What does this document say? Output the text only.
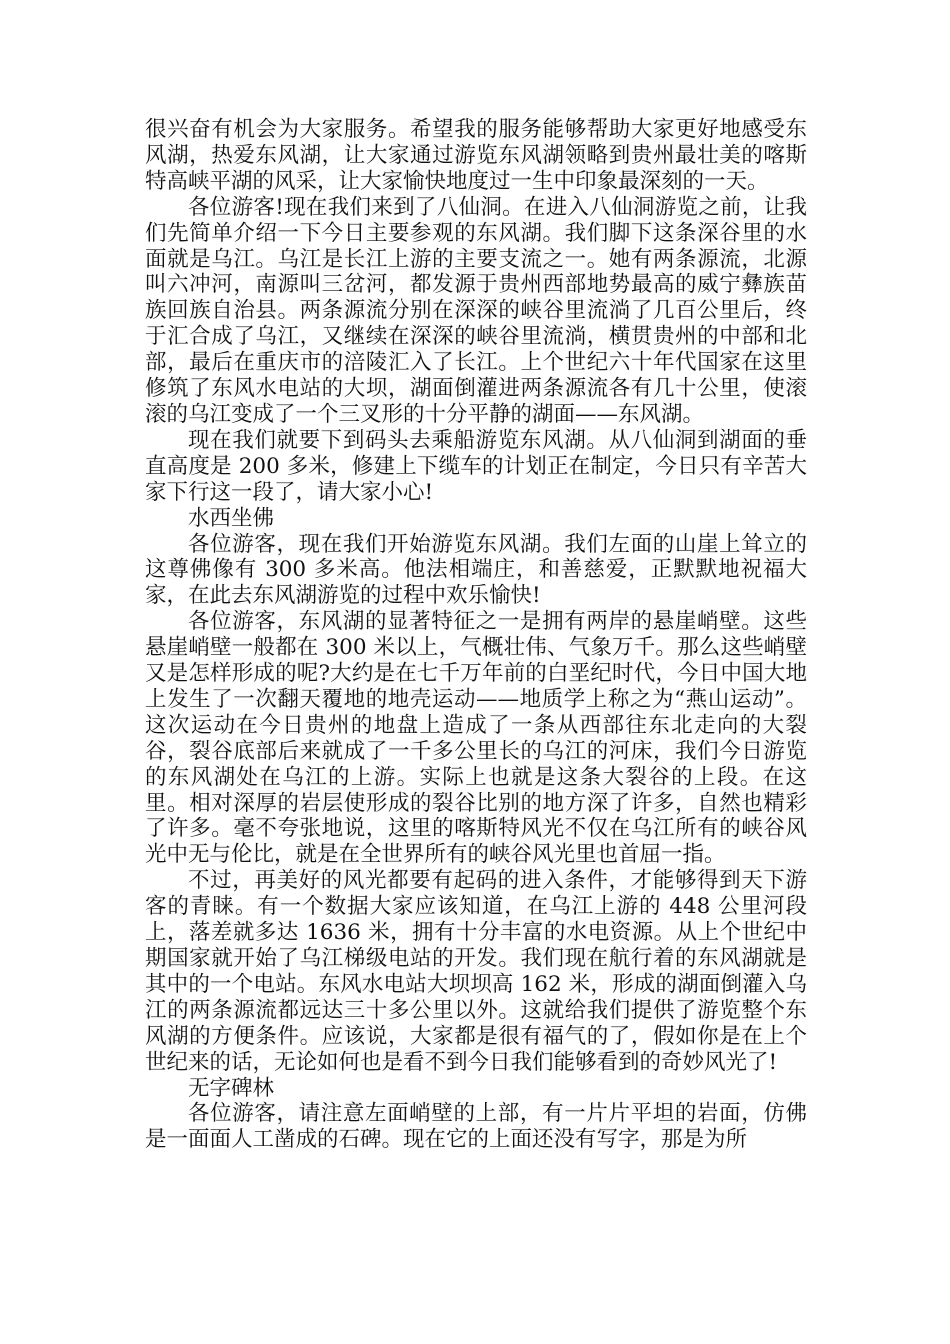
很兴奋有机会为大家服务。希望我的服务能够帮助大家更好地感受东风湖，热爱东风湖，让大家通过游览东风湖领略到贵州最壮美的喀斯特高峡平湖的风采，让大家愉快地度过一生中印象最深刻的一天。

各位游客!现在我们来到了八仙洞。在进入八仙洞游览之前，让我们先简单介绍一下今日主要参观的东风湖。我们脚下这条深谷里的水面就是乌江。乌江是长江上游的主要支流之一。她有两条源流，北源叫六冲河，南源叫三岔河，都发源于贵州西部地势最高的威宁彝族苗族回族自治县。两条源流分别在深深的峡谷里流淌了几百公里后，终于汇合成了乌江，又继续在深深的峡谷里流淌，横贯贵州的中部和北部，最后在重庆市的涪陵汇入了长江。上个世纪六十年代国家在这里修筑了东风水电站的大坝，湖面倒灌进两条源流各有几十公里，使滚滚的乌江变成了一个三叉形的十分平静的湖面——东风湖。

现在我们就要下到码头去乘船游览东风湖。从八仙洞到湖面的垂直高度是 200 多米，修建上下缆车的计划正在制定，今日只有辛苦大家下行这一段了，请大家小心!

水西坐佛

各位游客，现在我们开始游览东风湖。我们左面的山崖上耸立的这尊佛像有 300 多米高。他法相端庄，和善慈爱，正默默地祝福大家，在此去东风湖游览的过程中欢乐愉快!

各位游客，东风湖的显著特征之一是拥有两岸的悬崖峭壁。这些悬崖峭壁一般都在 300 米以上，气概壮伟、气象万千。那么这些峭壁又是怎样形成的呢?大约是在七千万年前的白垩纪时代，今日中国大地上发生了一次翻天覆地的地壳运动——地质学上称之为“燕山运动”。这次运动在今日贵州的地盘上造成了一条从西部往东北走向的大裂谷，裂谷底部后来就成了一千多公里长的乌江的河床，我们今日游览的东风湖处在乌江的上游。实际上也就是这条大裂谷的上段。在这里。相对深厚的岩层使形成的裂谷比别的地方深了许多，自然也精彩了许多。毫不夸张地说，这里的喀斯特风光不仅在乌江所有的峡谷风光中无与伦比，就是在全世界所有的峡谷风光里也首屈一指。

不过，再美好的风光都要有起码的进入条件，才能够得到天下游客的青睐。有一个数据大家应该知道，在乌江上游的 448 公里河段上，落差就多达 1636 米，拥有十分丰富的水电资源。从上个世纪中期国家就开始了乌江梯级电站的开发。我们现在航行着的东风湖就是其中的一个电站。东风水电站大坝坝高 162 米，形成的湖面倒灌入乌江的两条源流都远达三十多公里以外。这就给我们提供了游览整个东风湖的方便条件。应该说，大家都是很有福气的了，假如你是在上个世纪来的话，无论如何也是看不到今日我们能够看到的奇妙风光了!

无字碑林

各位游客，请注意左面峭壁的上部，有一片片平坦的岩面，仿佛是一面面人工凿成的石碑。现在它的上面还没有写字，那是为所
